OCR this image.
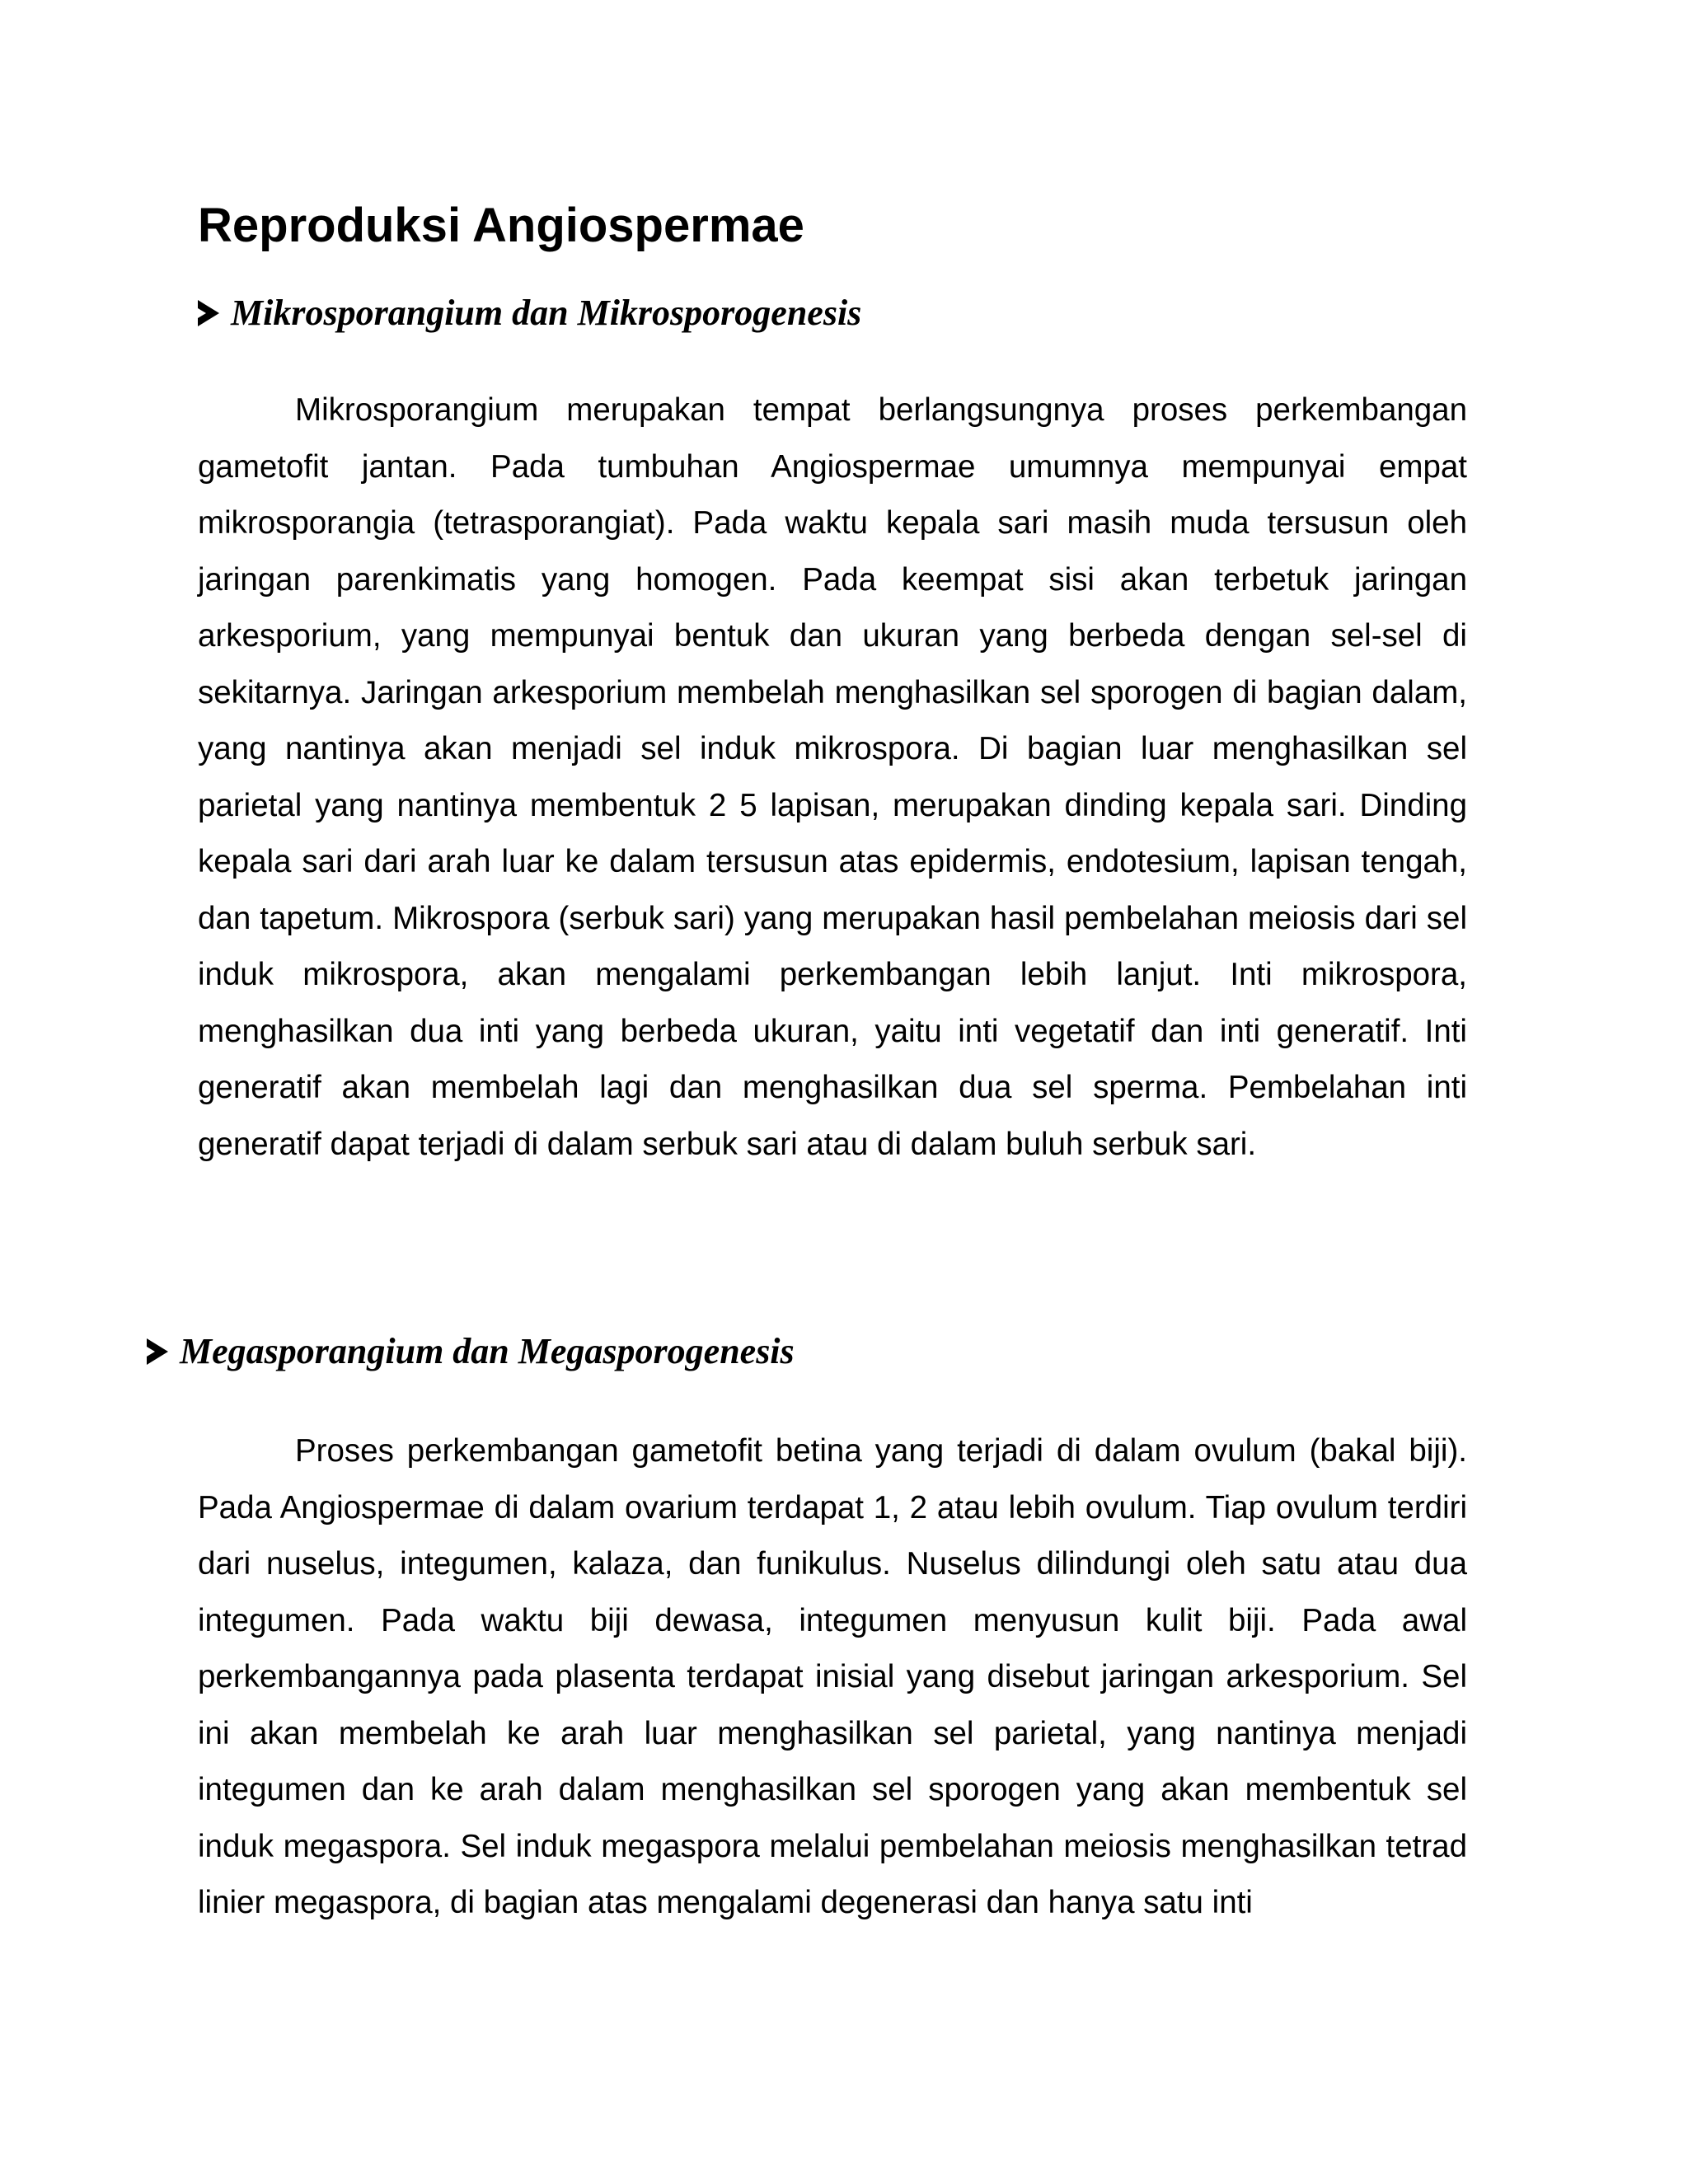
Reproduksi Angiospermae
Mikrosporangium dan Mikrosporogenesis

Mikrosporangium merupakan tempat berlangsungnya proses perkembangan gametofit jantan. Pada tumbuhan Angiospermae umumnya mempunyai empat mikrosporangia (tetrasporangiat). Pada waktu kepala sari masih muda tersusun oleh jaringan parenkimatis yang homogen. Pada keempat sisi akan terbetuk jaringan arkesporium, yang mempunyai bentuk dan ukuran yang berbeda dengan sel-sel di sekitarnya. Jaringan arkesporium membelah menghasilkan sel sporogen di bagian dalam, yang nantinya akan menjadi sel induk mikrospora. Di bagian luar menghasilkan sel parietal yang nantinya membentuk 2 5 lapisan, merupakan dinding kepala sari. Dinding kepala sari dari arah luar ke dalam tersusun atas epidermis, endotesium, lapisan tengah, dan tapetum. Mikrospora (serbuk sari) yang merupakan hasil pembelahan meiosis dari sel induk mikrospora, akan mengalami perkembangan lebih lanjut. Inti mikrospora, menghasilkan dua inti yang berbeda ukuran, yaitu inti vegetatif dan inti generatif. Inti generatif akan membelah lagi dan menghasilkan dua sel sperma. Pembelahan inti generatif dapat terjadi di dalam serbuk sari atau di dalam buluh serbuk sari.

Megasporangium dan Megasporogenesis

Proses perkembangan gametofit betina yang terjadi di dalam ovulum (bakal biji). Pada Angiospermae di dalam ovarium terdapat 1, 2 atau lebih ovulum. Tiap ovulum terdiri dari nuselus, integumen, kalaza, dan funikulus. Nuselus dilindungi oleh satu atau dua integumen. Pada waktu biji dewasa, integumen menyusun kulit biji. Pada awal perkembangannya pada plasenta terdapat inisial yang disebut jaringan arkesporium. Sel ini akan membelah ke arah luar menghasilkan sel parietal, yang nantinya menjadi integumen dan ke arah dalam menghasilkan sel sporogen yang akan membentuk sel induk megaspora. Sel induk megaspora melalui pembelahan meiosis menghasilkan tetrad linier megaspora, di bagian atas mengalami degenerasi dan hanya satu inti
